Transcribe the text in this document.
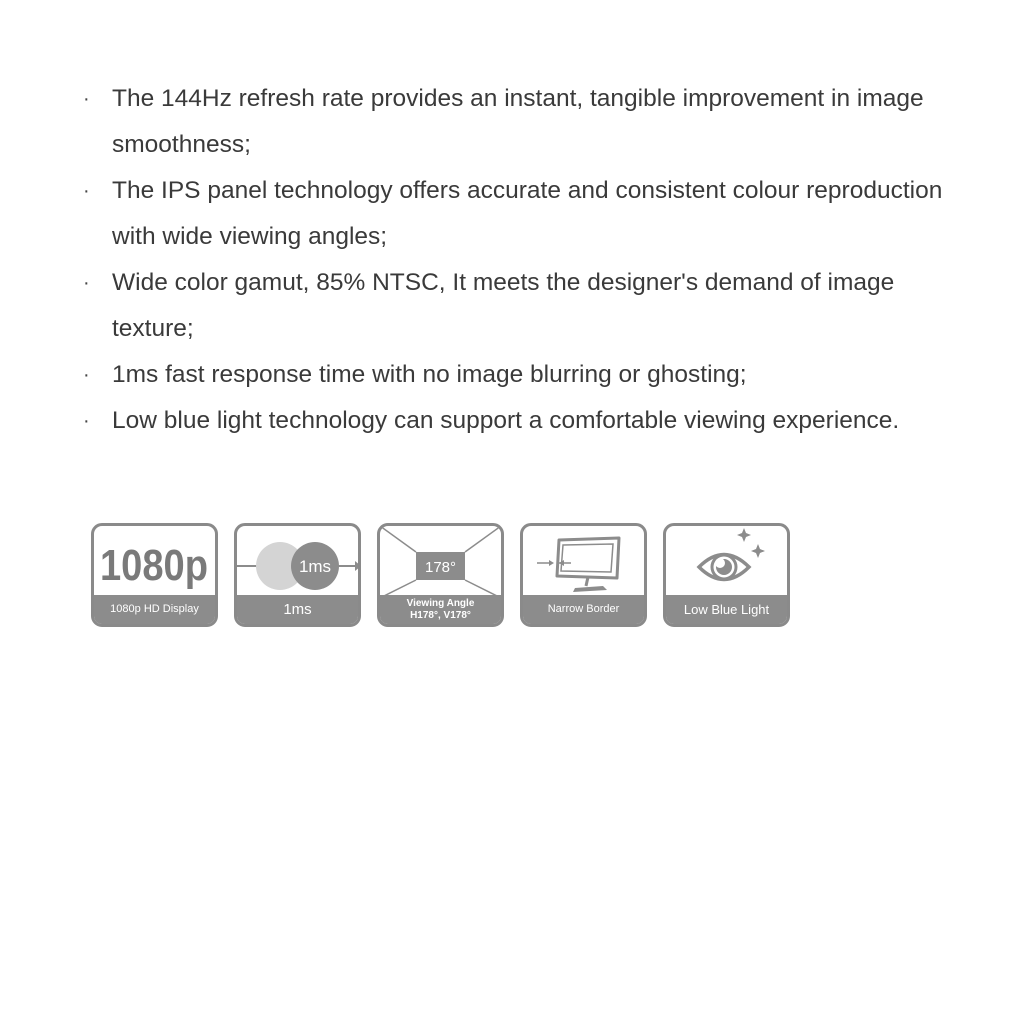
· The 144Hz refresh rate provides an instant, tangible improvement in image smoothness;
· The IPS panel technology offers accurate and consistent colour reproduction with wide viewing angles;
· Wide color gamut, 85% NTSC, It meets the designer's demand of image texture;
· 1ms fast response time with no image blurring or ghosting;
· Low blue light technology can support a comfortable viewing experience.
1080p
1080p HD Display
1ms
1ms
178°
Viewing Angle
H178°, V178°	Narrow Border	Low Blue Light
